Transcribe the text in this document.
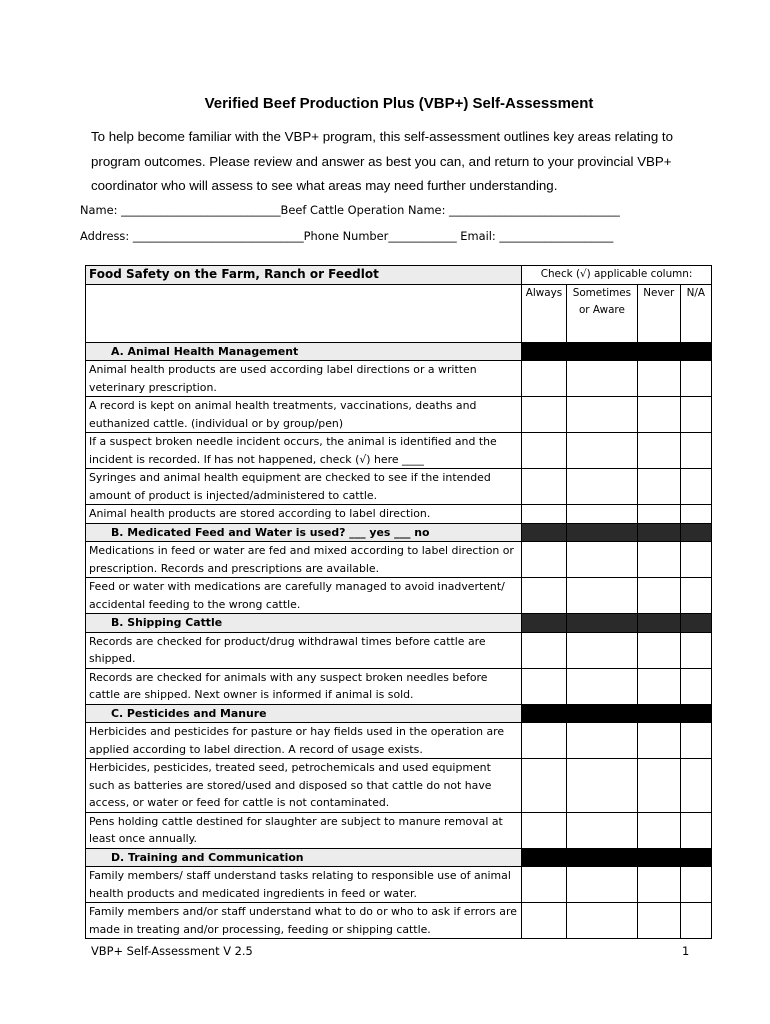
Verified Beef Production Plus (VBP+) Self-Assessment
To help become familiar with the VBP+ program, this self-assessment outlines key areas relating to program outcomes. Please review and answer as best you can, and return to your provincial VBP+ coordinator who will assess to see what areas may need further understanding.
Name: ____________________________Beef Cattle Operation Name: ______________________________
Address: ______________________________Phone Number____________ Email: ____________________
Food Safety on the Farm, Ranch or Feedlot	Check (√) applicable column:			
	Always	Sometimes or Aware	Never	N/A
A. Animal Health Management				
Animal health products are used according label directions or a written veterinary prescription.				
A record is kept on animal health treatments, vaccinations, deaths and euthanized cattle. (individual or by group/pen)				
If a suspect broken needle incident occurs, the animal is identified and the incident is recorded. If has not happened, check (√) here ____				
Syringes and animal health equipment are checked to see if the intended amount of product is injected/administered to cattle.				
Animal health products are stored according to label direction.				
B. Medicated Feed and Water is used? ___ yes ___ no				
Medications in feed or water are fed and mixed according to label direction or prescription. Records and prescriptions are available.				
Feed or water with medications are carefully managed to avoid inadvertent/ accidental feeding to the wrong cattle.				
B. Shipping Cattle				
Records are checked for product/drug withdrawal times before cattle are shipped.				
Records are checked for animals with any suspect broken needles before cattle are shipped. Next owner is informed if animal is sold.				
C. Pesticides and Manure				
Herbicides and pesticides for pasture or hay fields used in the operation are applied according to label direction. A record of usage exists.				
Herbicides, pesticides, treated seed, petrochemicals and used equipment such as batteries are stored/used and disposed so that cattle do not have access, or water or feed for cattle is not contaminated.				
Pens holding cattle destined for slaughter are subject to manure removal at least once annually.				
D. Training and Communication				
Family members/ staff understand tasks relating to responsible use of animal health products and medicated ingredients in feed or water.				
Family members and/or staff understand what to do or who to ask if errors are made in treating and/or processing, feeding or shipping cattle.				
VBP+ Self-Assessment V 2.5	1
